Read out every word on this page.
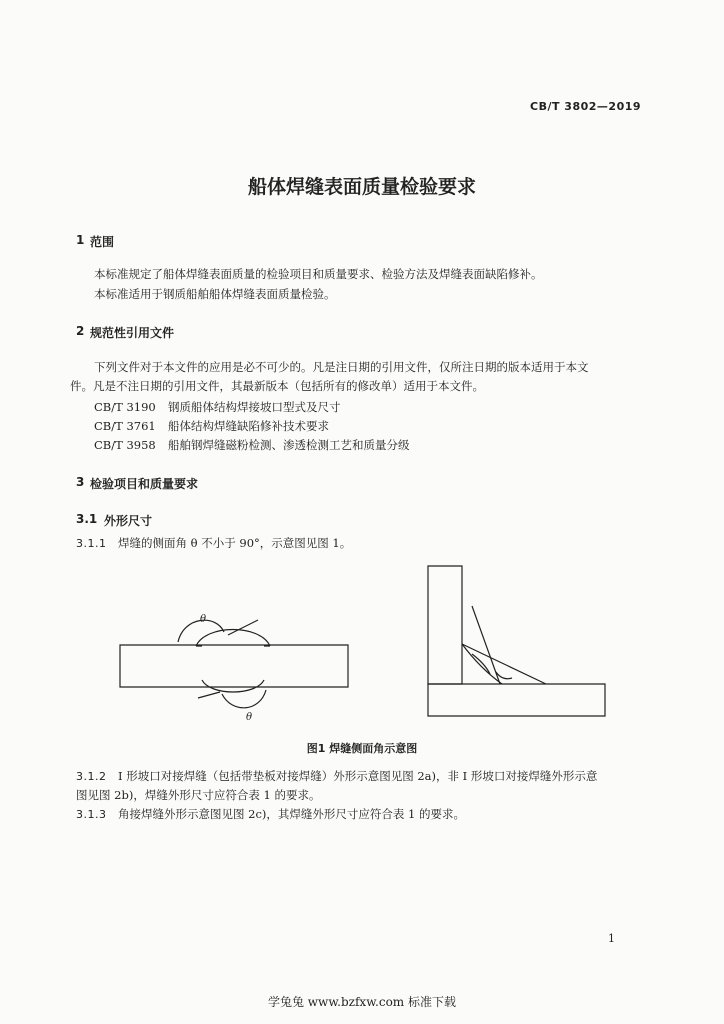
CB/T 3802—2019
船体焊缝表面质量检验要求
1 范围
本标准规定了船体焊缝表面质量的检验项目和质量要求、检验方法及焊缝表面缺陷修补。
本标准适用于钢质船舶船体焊缝表面质量检验。
2 规范性引用文件
下列文件对于本文件的应用是必不可少的。凡是注日期的引用文件，仅所注日期的版本适用于本文
件。凡是不注日期的引用文件，其最新版本（包括所有的修改单）适用于本文件。
CB/T 3190 钢质船体结构焊接坡口型式及尺寸
CB/T 3761 船体结构焊缝缺陷修补技术要求
CB/T 3958 船舶钢焊缝磁粉检测、渗透检测工艺和质量分级
3 检验项目和质量要求
3.1 外形尺寸
3.1.1 焊缝的侧面角 θ 不小于 90°，示意图见图 1。
θ
θ
图1 焊缝侧面角示意图
3.1.2 I 形坡口对接焊缝（包括带垫板对接焊缝）外形示意图见图 2a)，非 I 形坡口对接焊缝外形示意
图见图 2b)，焊缝外形尺寸应符合表 1 的要求。
3.1.3 角接焊缝外形示意图见图 2c)，其焊缝外形尺寸应符合表 1 的要求。
1
学兔兔 www.bzfxw.com 标准下载
